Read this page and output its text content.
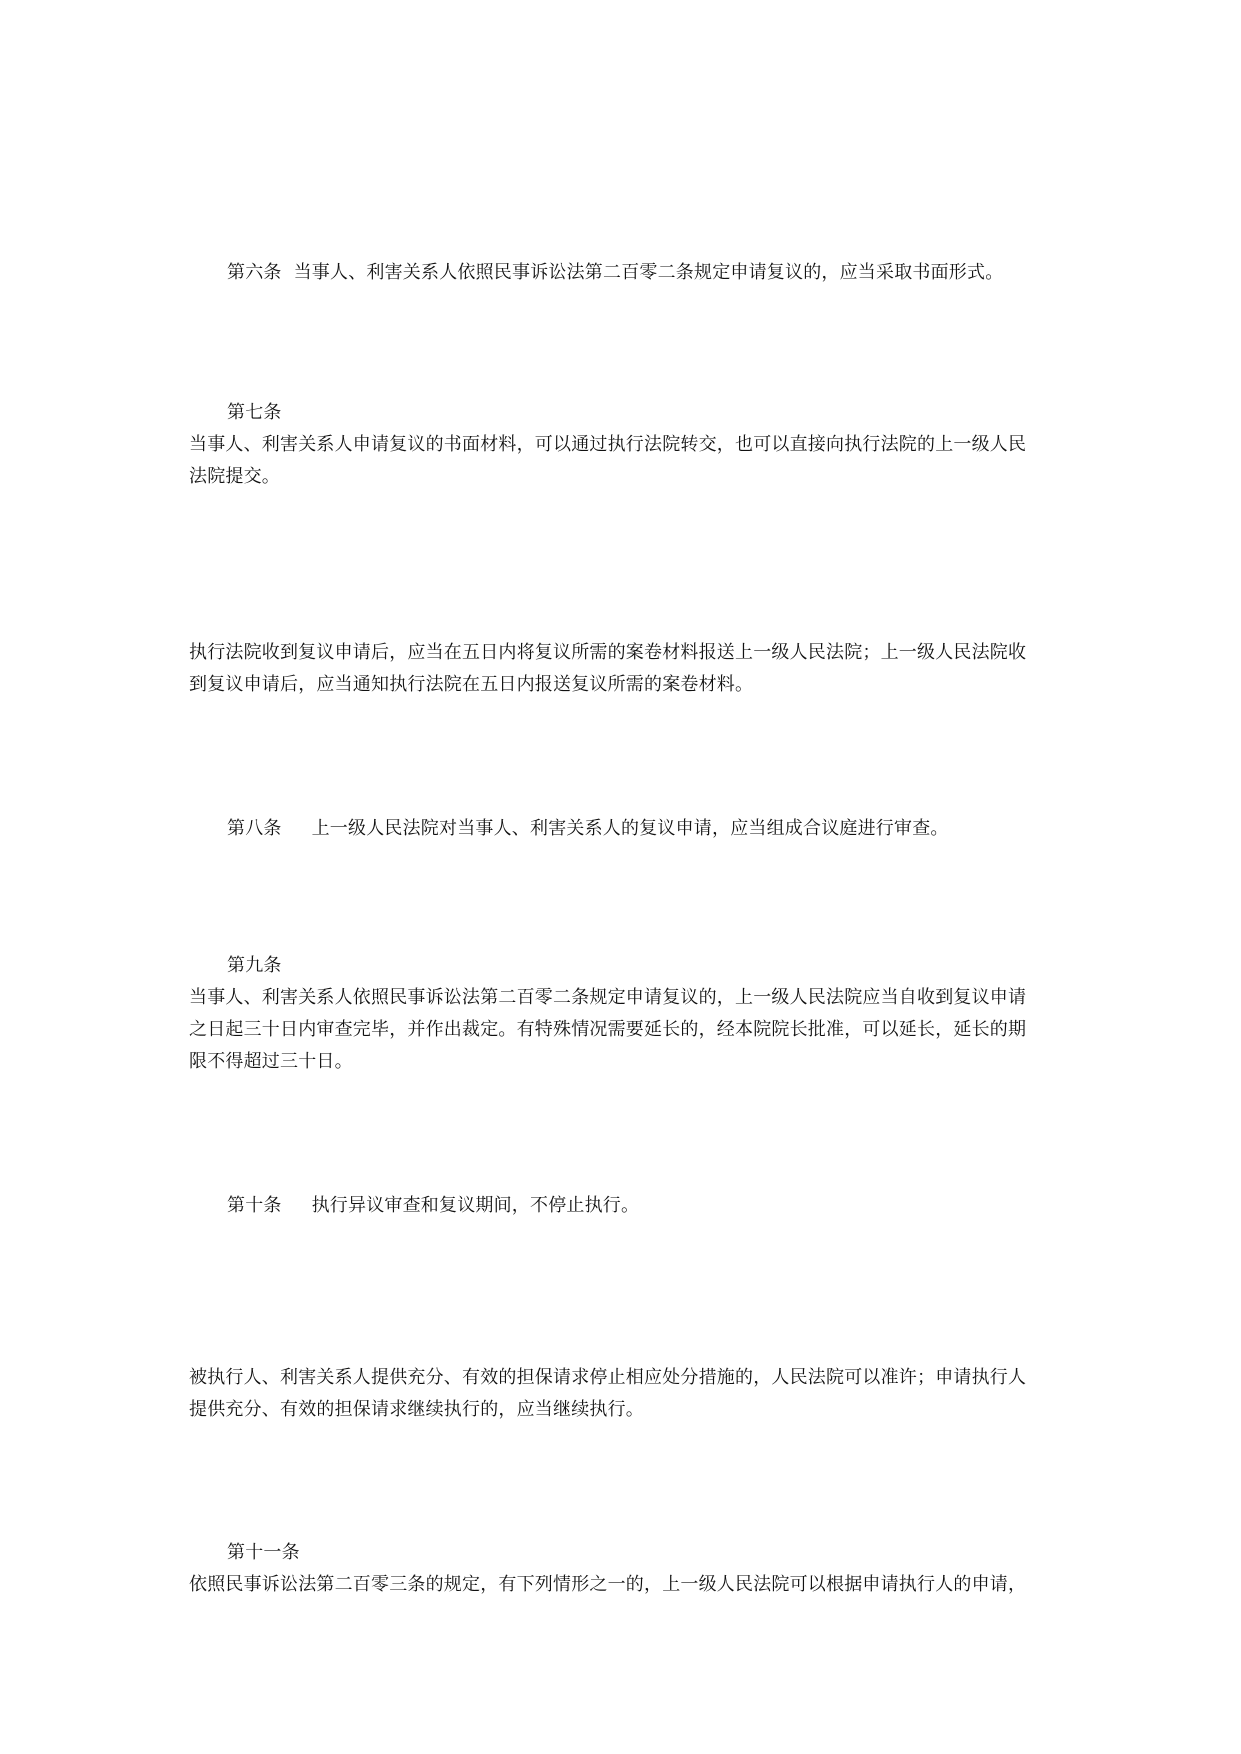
第六条 当事人、利害关系人依照民事诉讼法第二百零二条规定申请复议的，应当采取书面形式。
第七条
当事人、利害关系人申请复议的书面材料，可以通过执行法院转交，也可以直接向执行法院的上一级人民
法院提交。
执行法院收到复议申请后，应当在五日内将复议所需的案卷材料报送上一级人民法院；上一级人民法院收
到复议申请后，应当通知执行法院在五日内报送复议所需的案卷材料。
第八条 上一级人民法院对当事人、利害关系人的复议申请，应当组成合议庭进行审查。
第九条
当事人、利害关系人依照民事诉讼法第二百零二条规定申请复议的，上一级人民法院应当自收到复议申请
之日起三十日内审查完毕，并作出裁定。有特殊情况需要延长的，经本院院长批准，可以延长，延长的期
限不得超过三十日。
第十条 执行异议审查和复议期间，不停止执行。
被执行人、利害关系人提供充分、有效的担保请求停止相应处分措施的，人民法院可以准许；申请执行人
提供充分、有效的担保请求继续执行的，应当继续执行。
第十一条
依照民事诉讼法第二百零三条的规定，有下列情形之一的，上一级人民法院可以根据申请执行人的申请，
